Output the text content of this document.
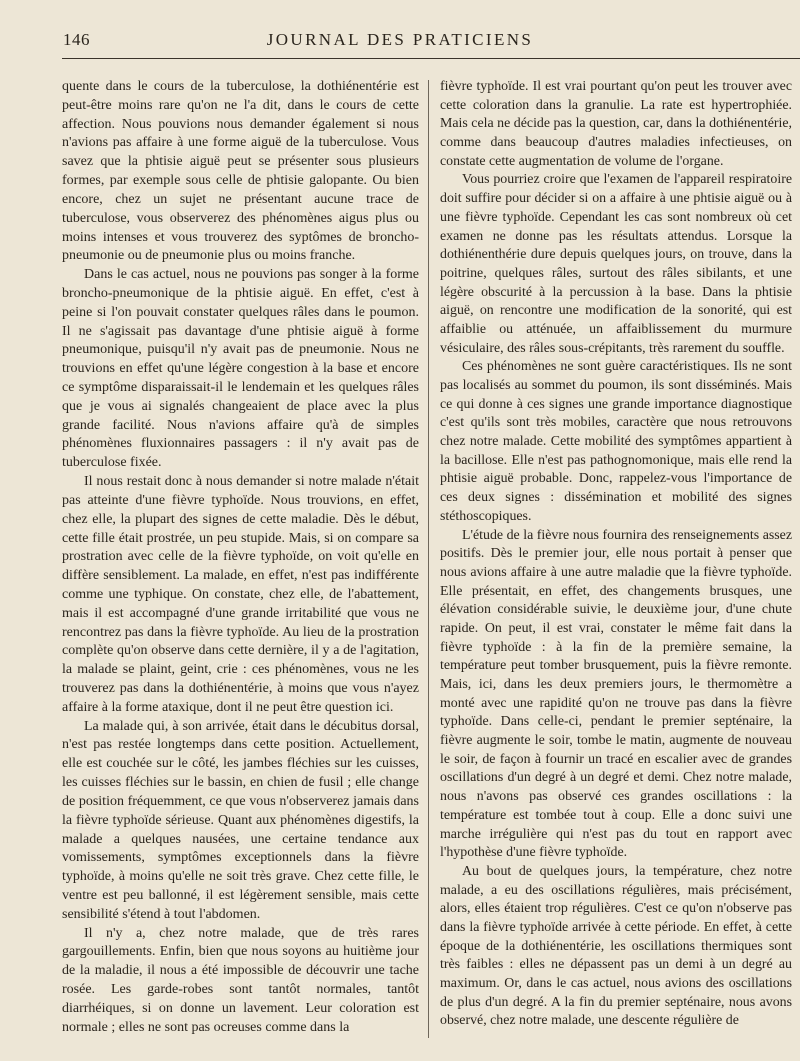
146	JOURNAL DES PRATICIENS

quente dans le cours de la tuberculose, la dothiénentérie est peut-être moins rare qu'on ne l'a dit, dans le cours de cette affection. Nous pouvions nous demander également si nous n'avions pas affaire à une forme aiguë de la tuberculose. Vous savez que la phtisie aiguë peut se présenter sous plusieurs formes, par exemple sous celle de phtisie galopante. Ou bien encore, chez un sujet ne présentant aucune trace de tuberculose, vous observerez des phénomènes aigus plus ou moins intenses et vous trouverez des syptômes de broncho-pneumonie ou de pneumonie plus ou moins franche.

Dans le cas actuel, nous ne pouvions pas songer à la forme broncho-pneumonique de la phtisie aiguë. En effet, c'est à peine si l'on pouvait constater quelques râles dans le poumon. Il ne s'agissait pas davantage d'une phtisie aiguë à forme pneumonique, puisqu'il n'y avait pas de pneumonie. Nous ne trouvions en effet qu'une légère congestion à la base et encore ce symptôme disparaissait-il le lendemain et les quelques râles que je vous ai signalés changeaient de place avec la plus grande facilité. Nous n'avions affaire qu'à de simples phénomènes fluxionnaires passagers : il n'y avait pas de tuberculose fixée.

Il nous restait donc à nous demander si notre malade n'était pas atteinte d'une fièvre typhoïde. Nous trouvions, en effet, chez elle, la plupart des signes de cette maladie. Dès le début, cette fille était prostrée, un peu stupide. Mais, si on compare sa prostration avec celle de la fièvre typhoïde, on voit qu'elle en diffère sensiblement. La malade, en effet, n'est pas indifférente comme une typhique. On constate, chez elle, de l'abattement, mais il est accompagné d'une grande irritabilité que vous ne rencontrez pas dans la fièvre typhoïde. Au lieu de la prostration complète qu'on observe dans cette dernière, il y a de l'agitation, la malade se plaint, geint, crie : ces phénomènes, vous ne les trouverez pas dans la dothiénentérie, à moins que vous n'ayez affaire à la forme ataxique, dont il ne peut être question ici.

La malade qui, à son arrivée, était dans le décubitus dorsal, n'est pas restée longtemps dans cette position. Actuellement, elle est couchée sur le côté, les jambes fléchies sur les cuisses, les cuisses fléchies sur le bassin, en chien de fusil ; elle change de position fréquemment, ce que vous n'observerez jamais dans la fièvre typhoïde sérieuse. Quant aux phénomènes digestifs, la malade a quelques nausées, une certaine tendance aux vomissements, symptômes exceptionnels dans la fièvre typhoïde, à moins qu'elle ne soit très grave. Chez cette fille, le ventre est peu ballonné, il est légèrement sensible, mais cette sensibilité s'étend à tout l'abdomen.

Il n'y a, chez notre malade, que de très rares gargouillements. Enfin, bien que nous soyons au huitième jour de la maladie, il nous a été impossible de découvrir une tache rosée. Les garde-robes sont tantôt normales, tantôt diarrhéiques, si on donne un lavement. Leur coloration est normale ; elles ne sont pas ocreuses comme dans la

fièvre typhoïde. Il est vrai pourtant qu'on peut les trouver avec cette coloration dans la granulie. La rate est hypertrophiée. Mais cela ne décide pas la question, car, dans la dothiénentérie, comme dans beaucoup d'autres maladies infectieuses, on constate cette augmentation de volume de l'organe.

Vous pourriez croire que l'examen de l'appareil respiratoire doit suffire pour décider si on a affaire à une phtisie aiguë ou à une fièvre typhoïde. Cependant les cas sont nombreux où cet examen ne donne pas les résultats attendus. Lorsque la dothiénenthérie dure depuis quelques jours, on trouve, dans la poitrine, quelques râles, surtout des râles sibilants, et une légère obscurité à la percussion à la base. Dans la phtisie aiguë, on rencontre une modification de la sonorité, qui est affaiblie ou atténuée, un affaiblissement du murmure vésiculaire, des râles sous-crépitants, très rarement du souffle.

Ces phénomènes ne sont guère caractéristiques. Ils ne sont pas localisés au sommet du poumon, ils sont disséminés. Mais ce qui donne à ces signes une grande importance diagnostique c'est qu'ils sont très mobiles, caractère que nous retrouvons chez notre malade. Cette mobilité des symptômes appartient à la bacillose. Elle n'est pas pathognomonique, mais elle rend la phtisie aiguë probable. Donc, rappelez-vous l'importance de ces deux signes : dissémination et mobilité des signes stéthoscopiques.

L'étude de la fièvre nous fournira des renseignements assez positifs. Dès le premier jour, elle nous portait à penser que nous avions affaire à une autre maladie que la fièvre typhoïde. Elle présentait, en effet, des changements brusques, une élévation considérable suivie, le deuxième jour, d'une chute rapide. On peut, il est vrai, constater le même fait dans la fièvre typhoïde : à la fin de la première semaine, la température peut tomber brusquement, puis la fièvre remonte. Mais, ici, dans les deux premiers jours, le thermomètre a monté avec une rapidité qu'on ne trouve pas dans la fièvre typhoïde. Dans celle-ci, pendant le premier septénaire, la fièvre augmente le soir, tombe le matin, augmente de nouveau le soir, de façon à fournir un tracé en escalier avec de grandes oscillations d'un degré à un degré et demi. Chez notre malade, nous n'avons pas observé ces grandes oscillations : la température est tombée tout à coup. Elle a donc suivi une marche irrégulière qui n'est pas du tout en rapport avec l'hypothèse d'une fièvre typhoïde.

Au bout de quelques jours, la température, chez notre malade, a eu des oscillations régulières, mais précisément, alors, elles étaient trop régulières. C'est ce qu'on n'observe pas dans la fièvre typhoïde arrivée à cette période. En effet, à cette époque de la dothiénentérie, les oscillations thermiques sont très faibles : elles ne dépassent pas un demi à un degré au maximum. Or, dans le cas actuel, nous avions des oscillations de plus d'un degré. A la fin du premier septénaire, nous avons observé, chez notre malade, une descente régulière de
